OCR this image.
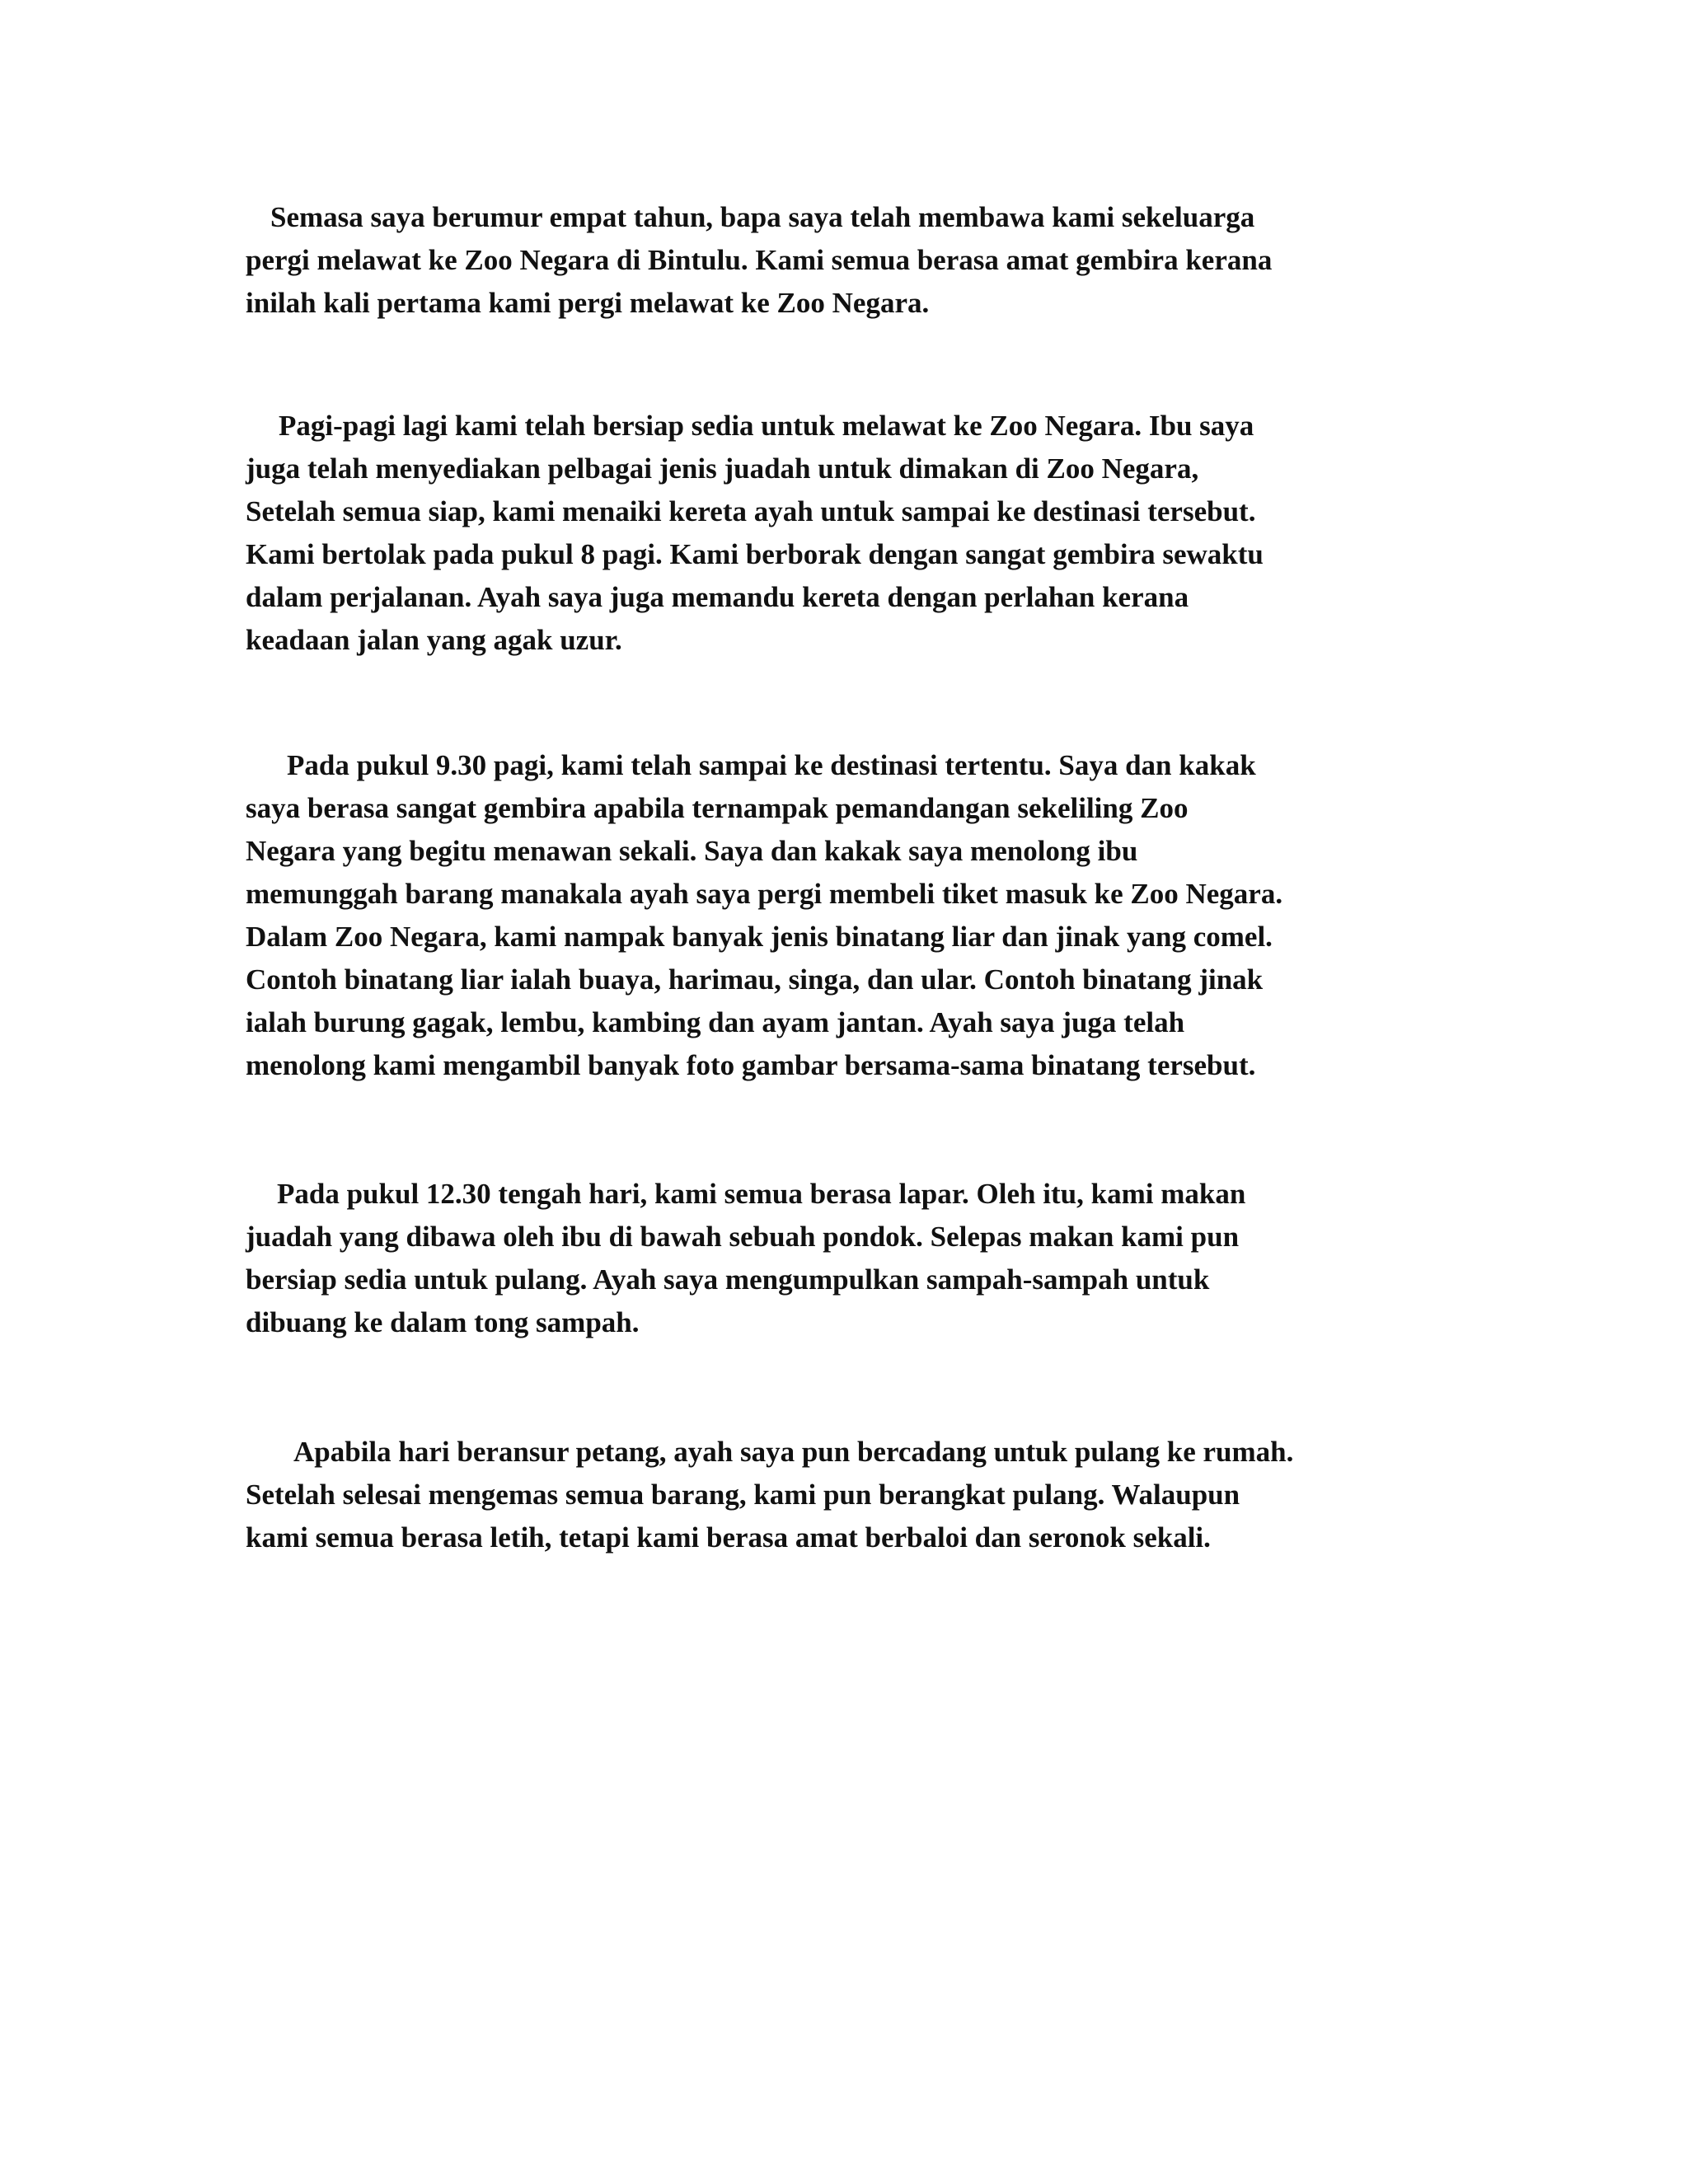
Semasa saya berumur empat tahun, bapa saya telah membawa kami sekeluarga
pergi melawat ke Zoo Negara di Bintulu. Kami semua berasa amat gembira kerana
inilah kali pertama kami pergi melawat ke Zoo Negara.
Pagi-pagi lagi kami telah bersiap sedia untuk melawat ke Zoo Negara. Ibu saya
juga telah menyediakan pelbagai jenis juadah untuk dimakan di Zoo Negara,
Setelah semua siap, kami menaiki kereta ayah untuk sampai ke destinasi tersebut.
Kami bertolak pada pukul 8 pagi. Kami berborak dengan sangat gembira sewaktu
dalam perjalanan. Ayah saya juga memandu kereta dengan perlahan kerana
keadaan jalan yang agak uzur.
Pada pukul 9.30 pagi, kami telah sampai ke destinasi tertentu. Saya dan kakak
saya berasa sangat gembira apabila ternampak pemandangan sekeliling Zoo
Negara yang begitu menawan sekali. Saya dan kakak saya menolong ibu
memunggah barang manakala ayah saya pergi membeli tiket masuk ke Zoo Negara.
Dalam Zoo Negara, kami nampak banyak jenis binatang liar dan jinak yang comel.
Contoh binatang liar ialah buaya, harimau, singa, dan ular. Contoh binatang jinak
ialah burung gagak, lembu, kambing dan ayam jantan. Ayah saya juga telah
menolong kami mengambil banyak foto gambar bersama-sama binatang tersebut.
Pada pukul 12.30 tengah hari, kami semua berasa lapar. Oleh itu, kami makan
juadah yang dibawa oleh ibu di bawah sebuah pondok. Selepas makan kami pun
bersiap sedia untuk pulang. Ayah saya mengumpulkan sampah-sampah untuk
dibuang ke dalam tong sampah.
Apabila hari beransur petang, ayah saya pun bercadang untuk pulang ke rumah.
Setelah selesai mengemas semua barang, kami pun berangkat pulang. Walaupun
kami semua berasa letih, tetapi kami berasa amat berbaloi dan seronok sekali.
